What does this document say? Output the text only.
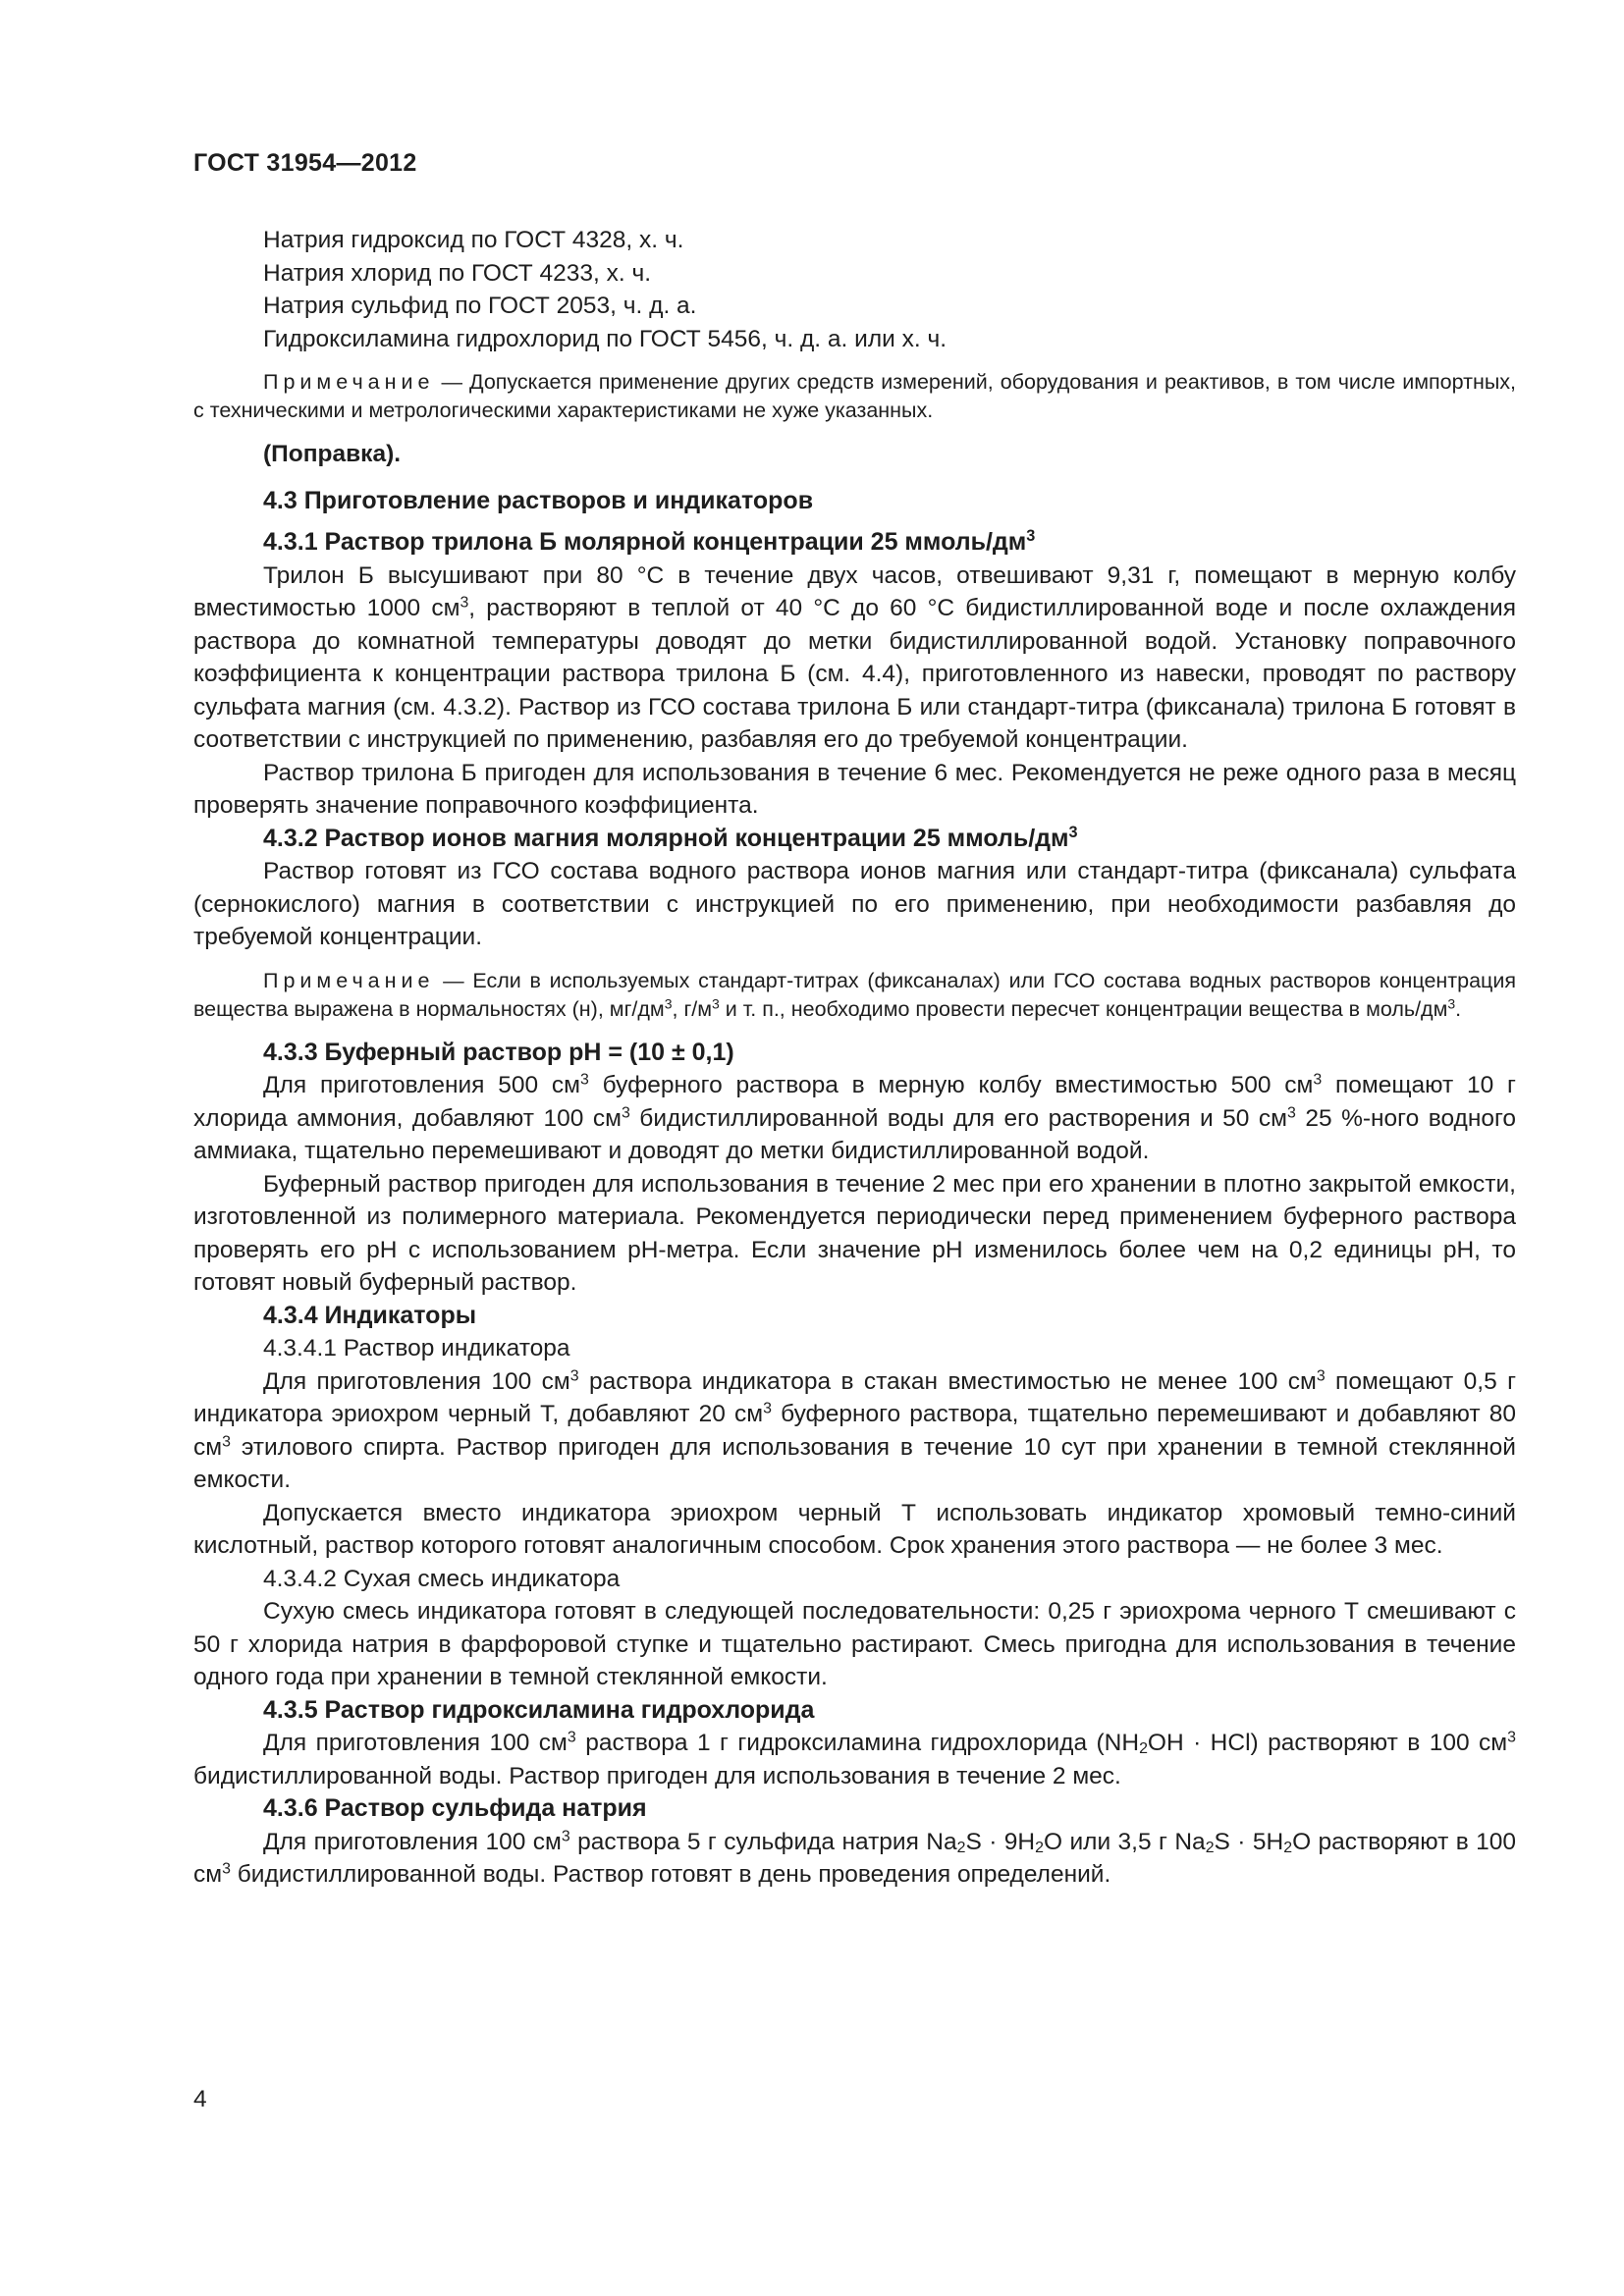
ГОСТ 31954—2012

Натрия гидроксид по ГОСТ 4328, х. ч.

Натрия хлорид по ГОСТ 4233, х. ч.

Натрия сульфид по ГОСТ 2053, ч. д. а.

Гидроксиламина гидрохлорид по ГОСТ 5456, ч. д. а. или х. ч.

Примечание — Допускается применение других средств измерений, оборудования и реактивов, в том числе импортных, с техническими и метрологическими характеристиками не хуже указанных.

(Поправка).

4.3 Приготовление растворов и индикаторов
4.3.1 Раствор трилона Б молярной концентрации 25 ммоль/$дм^3$

Трилон Б высушивают при 80 °С в течение двух часов, отвешивают 9,31 г, помещают в мерную колбу вместимостью 1000 $см^3$, растворяют в теплой от 40 °С до 60 °С бидистиллированной воде и после охлаждения раствора до комнатной температуры доводят до метки бидистиллированной водой. Установку поправочного коэффициента к концентрации раствора трилона Б (см. 4.4), приготовленного из навески, проводят по раствору сульфата магния (см. 4.3.2). Раствор из ГСО состава трилона Б или стандарт-титра (фиксанала) трилона Б готовят в соответствии с инструкцией по применению, разбавляя его до требуемой концентрации.

Раствор трилона Б пригоден для использования в течение 6 мес. Рекомендуется не реже одного раза в месяц проверять значение поправочного коэффициента.

4.3.2 Раствор ионов магния молярной концентрации 25 ммоль/$дм^3$

Раствор готовят из ГСО состава водного раствора ионов магния или стандарт-титра (фиксанала) сульфата (сернокислого) магния в соответствии с инструкцией по его применению, при необходимости разбавляя до требуемой концентрации.

Примечание — Если в используемых стандарт-титрах (фиксаналах) или ГСО состава водных растворов концентрация вещества выражена в нормальностях (н), $мг/дм^3$, $г/м^3$ и т. п., необходимо провести пересчет концентрации вещества в моль/$дм^3$.

4.3.3 Буферный раствор рН = (10 ± 0,1)

Для приготовления 500 $см^3$ буферного раствора в мерную колбу вместимостью 500 $см^3$ помещают 10 г хлорида аммония, добавляют 100 $см^3$ бидистиллированной воды для его растворения и 50 $см^3$ 25 %-ного водного аммиака, тщательно перемешивают и доводят до метки бидистиллированной водой.

Буферный раствор пригоден для использования в течение 2 мес при его хранении в плотно закрытой емкости, изготовленной из полимерного материала. Рекомендуется периодически перед применением буферного раствора проверять его рН с использованием рН-метра. Если значение рН изменилось более чем на 0,2 единицы рН, то готовят новый буферный раствор.

4.3.4 Индикаторы

4.3.4.1 Раствор индикатора

Для приготовления 100 $см^3$ раствора индикатора в стакан вместимостью не менее 100 $см^3$ помещают 0,5 г индикатора эриохром черный Т, добавляют 20 $см^3$ буферного раствора, тщательно перемешивают и добавляют 80 $см^3$ этилового спирта. Раствор пригоден для использования в течение 10 сут при хранении в темной стеклянной емкости.

Допускается вместо индикатора эриохром черный Т использовать индикатор хромовый темно-синий кислотный, раствор которого готовят аналогичным способом. Срок хранения этого раствора — не более 3 мес.

4.3.4.2 Сухая смесь индикатора

Сухую смесь индикатора готовят в следующей последовательности: 0,25 г эриохрома черного Т смешивают с 50 г хлорида натрия в фарфоровой ступке и тщательно растирают. Смесь пригодна для использования в течение одного года при хранении в темной стеклянной емкости.

4.3.5 Раствор гидроксиламина гидрохлорида

Для приготовления 100 $см^3$ раствора 1 г гидроксиламина гидрохлорида $(NH_2OH \cdot HCl)$ растворяют в 100 $см^3$ бидистиллированной воды. Раствор пригоден для использования в течение 2 мес.

4.3.6 Раствор сульфида натрия

Для приготовления 100 $см^3$ раствора 5 г сульфида натрия $Na_2S \cdot 9H_2O$ или 3,5 г $Na_2S \cdot 5H_2O$ растворяют в 100 $см^3$ бидистиллированной воды. Раствор готовят в день проведения определений.

4
